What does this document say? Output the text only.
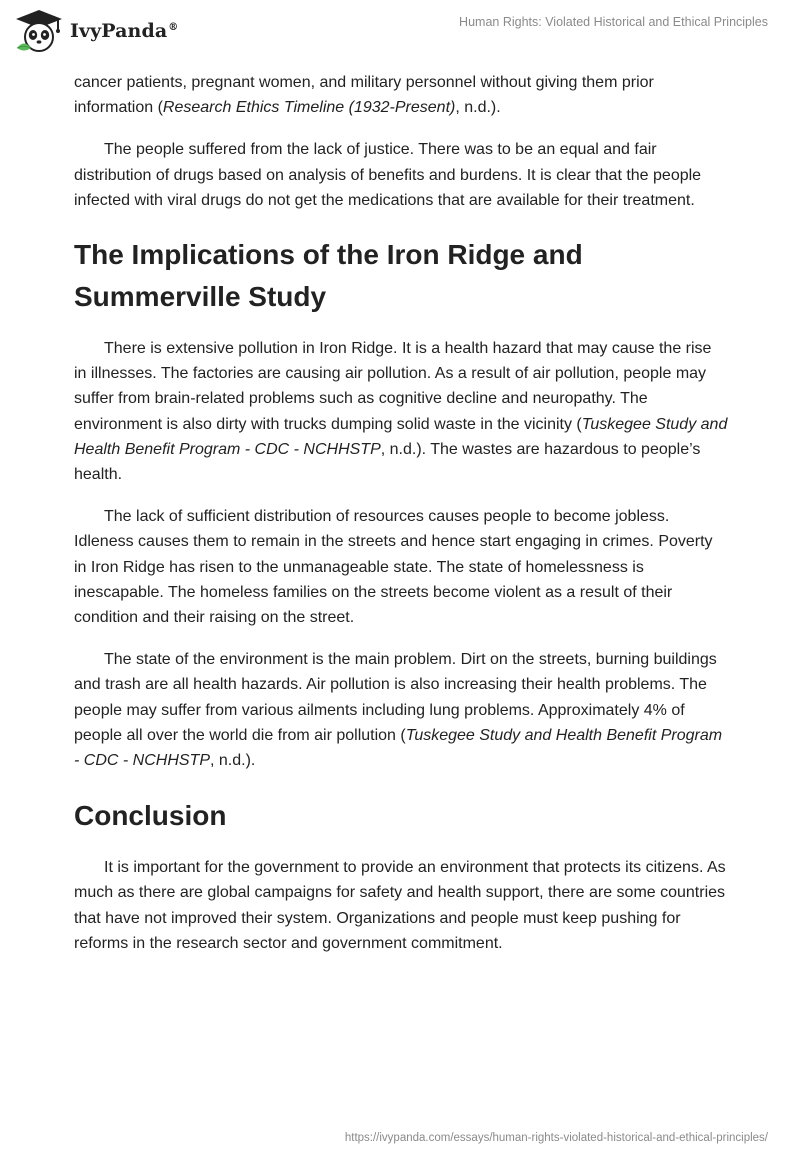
IvyPanda®	Human Rights: Violated Historical and Ethical Principles

cancer patients, pregnant women, and military personnel without giving them prior information (Research Ethics Timeline (1932-Present), n.d.).

The people suffered from the lack of justice. There was to be an equal and fair distribution of drugs based on analysis of benefits and burdens. It is clear that the people infected with viral drugs do not get the medications that are available for their treatment.

The Implications of the Iron Ridge and Summerville Study

There is extensive pollution in Iron Ridge. It is a health hazard that may cause the rise in illnesses. The factories are causing air pollution. As a result of air pollution, people may suffer from brain-related problems such as cognitive decline and neuropathy. The environment is also dirty with trucks dumping solid waste in the vicinity (Tuskegee Study and Health Benefit Program - CDC - NCHHSTP, n.d.). The wastes are hazardous to people’s health.

The lack of sufficient distribution of resources causes people to become jobless. Idleness causes them to remain in the streets and hence start engaging in crimes. Poverty in Iron Ridge has risen to the unmanageable state. The state of homelessness is inescapable. The homeless families on the streets become violent as a result of their condition and their raising on the street.

The state of the environment is the main problem. Dirt on the streets, burning buildings and trash are all health hazards. Air pollution is also increasing their health problems. The people may suffer from various ailments including lung problems. Approximately 4% of people all over the world die from air pollution (Tuskegee Study and Health Benefit Program - CDC - NCHHSTP, n.d.).

Conclusion

It is important for the government to provide an environment that protects its citizens. As much as there are global campaigns for safety and health support, there are some countries that have not improved their system. Organizations and people must keep pushing for reforms in the research sector and government commitment.

https://ivypanda.com/essays/human-rights-violated-historical-and-ethical-principles/
